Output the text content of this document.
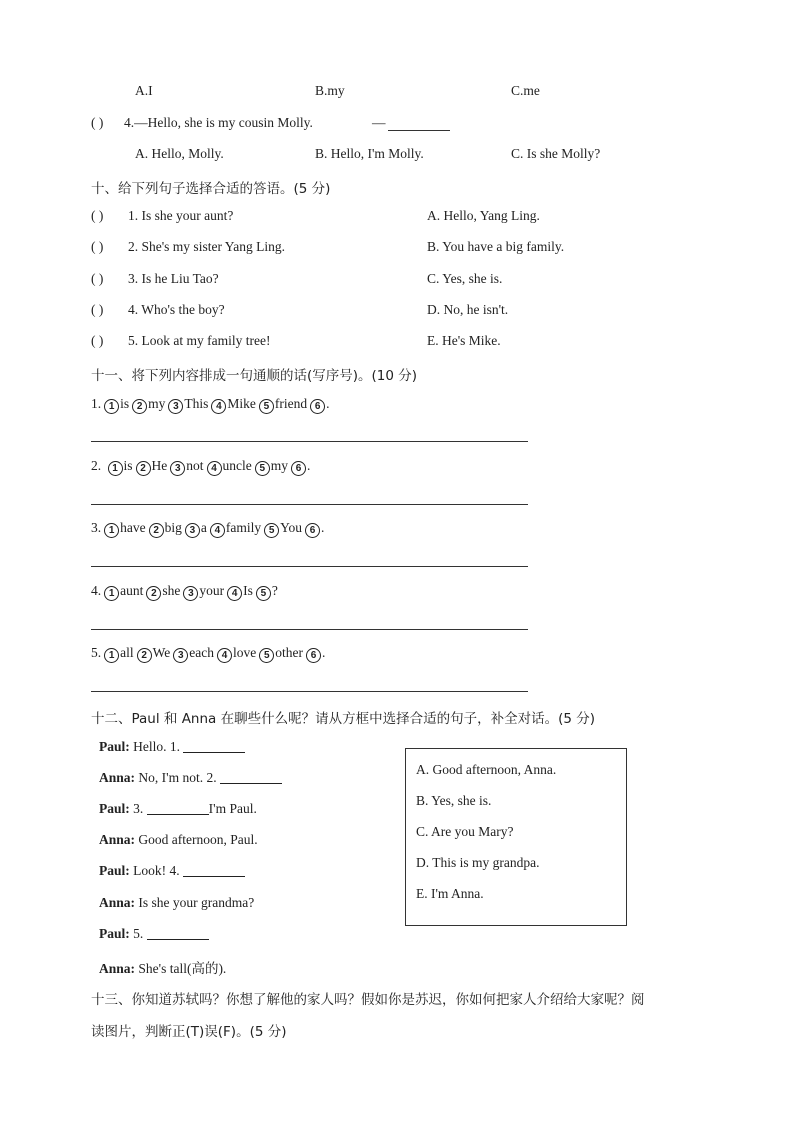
A.I	B.my	C.me
( ) 4.—Hello, she is my cousin Molly.	—
A. Hello, Molly.	B. Hello, I'm Molly.	C. Is she Molly?
十、给下列句子选择合适的答语。(5 分)
( ) 1. Is she your aunt?	A. Hello, Yang Ling.
( ) 2. She's my sister Yang Ling.	B. You have a big family.
( ) 3. Is he Liu Tao?	C. Yes, she is.
( ) 4. Who's the boy?	D. No, he isn't.
( ) 5. Look at my family tree!	E. He's Mike.
十一、将下列内容排成一句通顺的话(写序号)。(10 分)
1. 1 is 2 my 3 This 4 Mike 5 friend 6 .
2. 1 is 2 He 3 not 4 uncle 5 my 6 .
3. 1 have 2 big 3 a 4 family 5 You 6 .
4. 1 aunt 2 she 3 your 4 Is 5 ?
5. 1 all 2 We 3 each 4 love 5 other 6 .
十二、Paul 和 Anna 在聊些什么呢？请从方框中选择合适的句子，补全对话。(5 分)
Paul: Hello. 1.
Anna: No, I'm not. 2.
Paul: 3.	I'm Paul.
Anna: Good afternoon, Paul.
Paul: Look! 4.
Anna: Is she your grandma?
Paul: 5.
Anna: She's tall(高的).
A. Good afternoon, Anna.
B. Yes, she is.
C. Are you Mary?
D. This is my grandpa.
E. I'm Anna.
十三、你知道苏轼吗？你想了解他的家人吗？假如你是苏迟，你如何把家人介绍给大家呢？阅
读图片，判断正(T)误(F)。(5 分)
